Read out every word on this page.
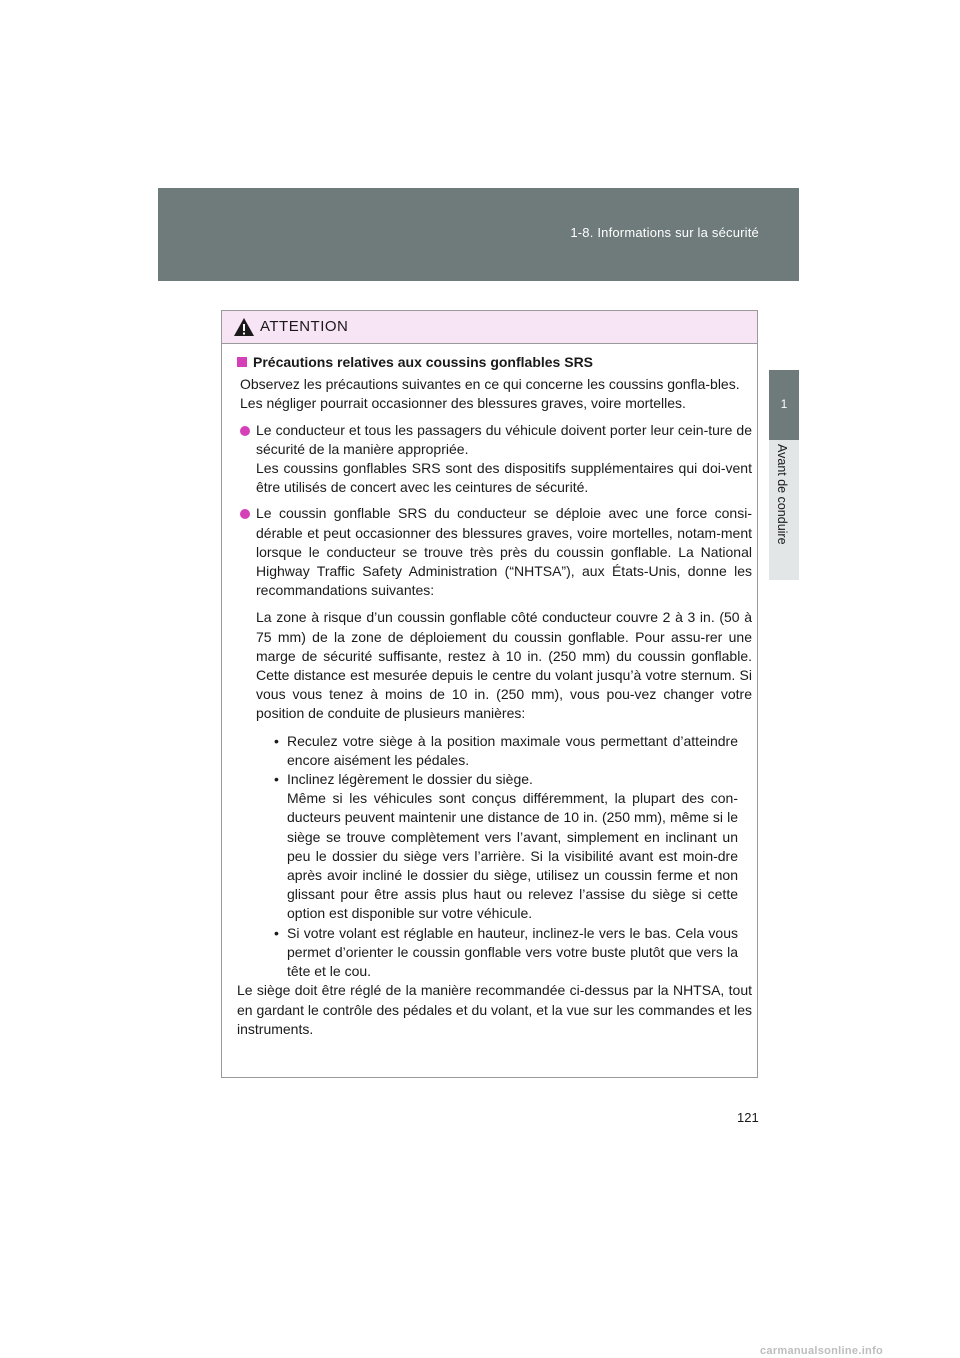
1-8. Informations sur la sécurité
1
Avant de conduire
ATTENTION
Précautions relatives aux coussins gonflables SRS
Observez les précautions suivantes en ce qui concerne les coussins gonfla-bles.
Les négliger pourrait occasionner des blessures graves, voire mortelles.
Le conducteur et tous les passagers du véhicule doivent porter leur cein-ture de sécurité de la manière appropriée.
Les coussins gonflables SRS sont des dispositifs supplémentaires qui doi-vent être utilisés de concert avec les ceintures de sécurité.
Le coussin gonflable SRS du conducteur se déploie avec une force consi-dérable et peut occasionner des blessures graves, voire mortelles, notam-ment lorsque le conducteur se trouve très près du coussin gonflable. La National Highway Traffic Safety Administration (“NHTSA”), aux États-Unis, donne les recommandations suivantes:
La zone à risque d’un coussin gonflable côté conducteur couvre 2 à 3 in. (50 à 75 mm) de la zone de déploiement du coussin gonflable. Pour assu-rer une marge de sécurité suffisante, restez à 10 in. (250 mm) du coussin gonflable. Cette distance est mesurée depuis le centre du volant jusqu’à votre sternum. Si vous vous tenez à moins de 10 in. (250 mm), vous pou-vez changer votre position de conduite de plusieurs manières:
• Reculez votre siège à la position maximale vous permettant d’atteindre encore aisément les pédales.
• Inclinez légèrement le dossier du siège.
Même si les véhicules sont conçus différemment, la plupart des con-ducteurs peuvent maintenir une distance de 10 in. (250 mm), même si le siège se trouve complètement vers l’avant, simplement en inclinant un peu le dossier du siège vers l’arrière. Si la visibilité avant est moin-dre après avoir incliné le dossier du siège, utilisez un coussin ferme et non glissant pour être assis plus haut ou relevez l’assise du siège si cette option est disponible sur votre véhicule.
• Si votre volant est réglable en hauteur, inclinez-le vers le bas. Cela vous permet d’orienter le coussin gonflable vers votre buste plutôt que vers la tête et le cou.
Le siège doit être réglé de la manière recommandée ci-dessus par la NHTSA, tout en gardant le contrôle des pédales et du volant, et la vue sur les commandes et les instruments.
121
carmanualsonline.info
